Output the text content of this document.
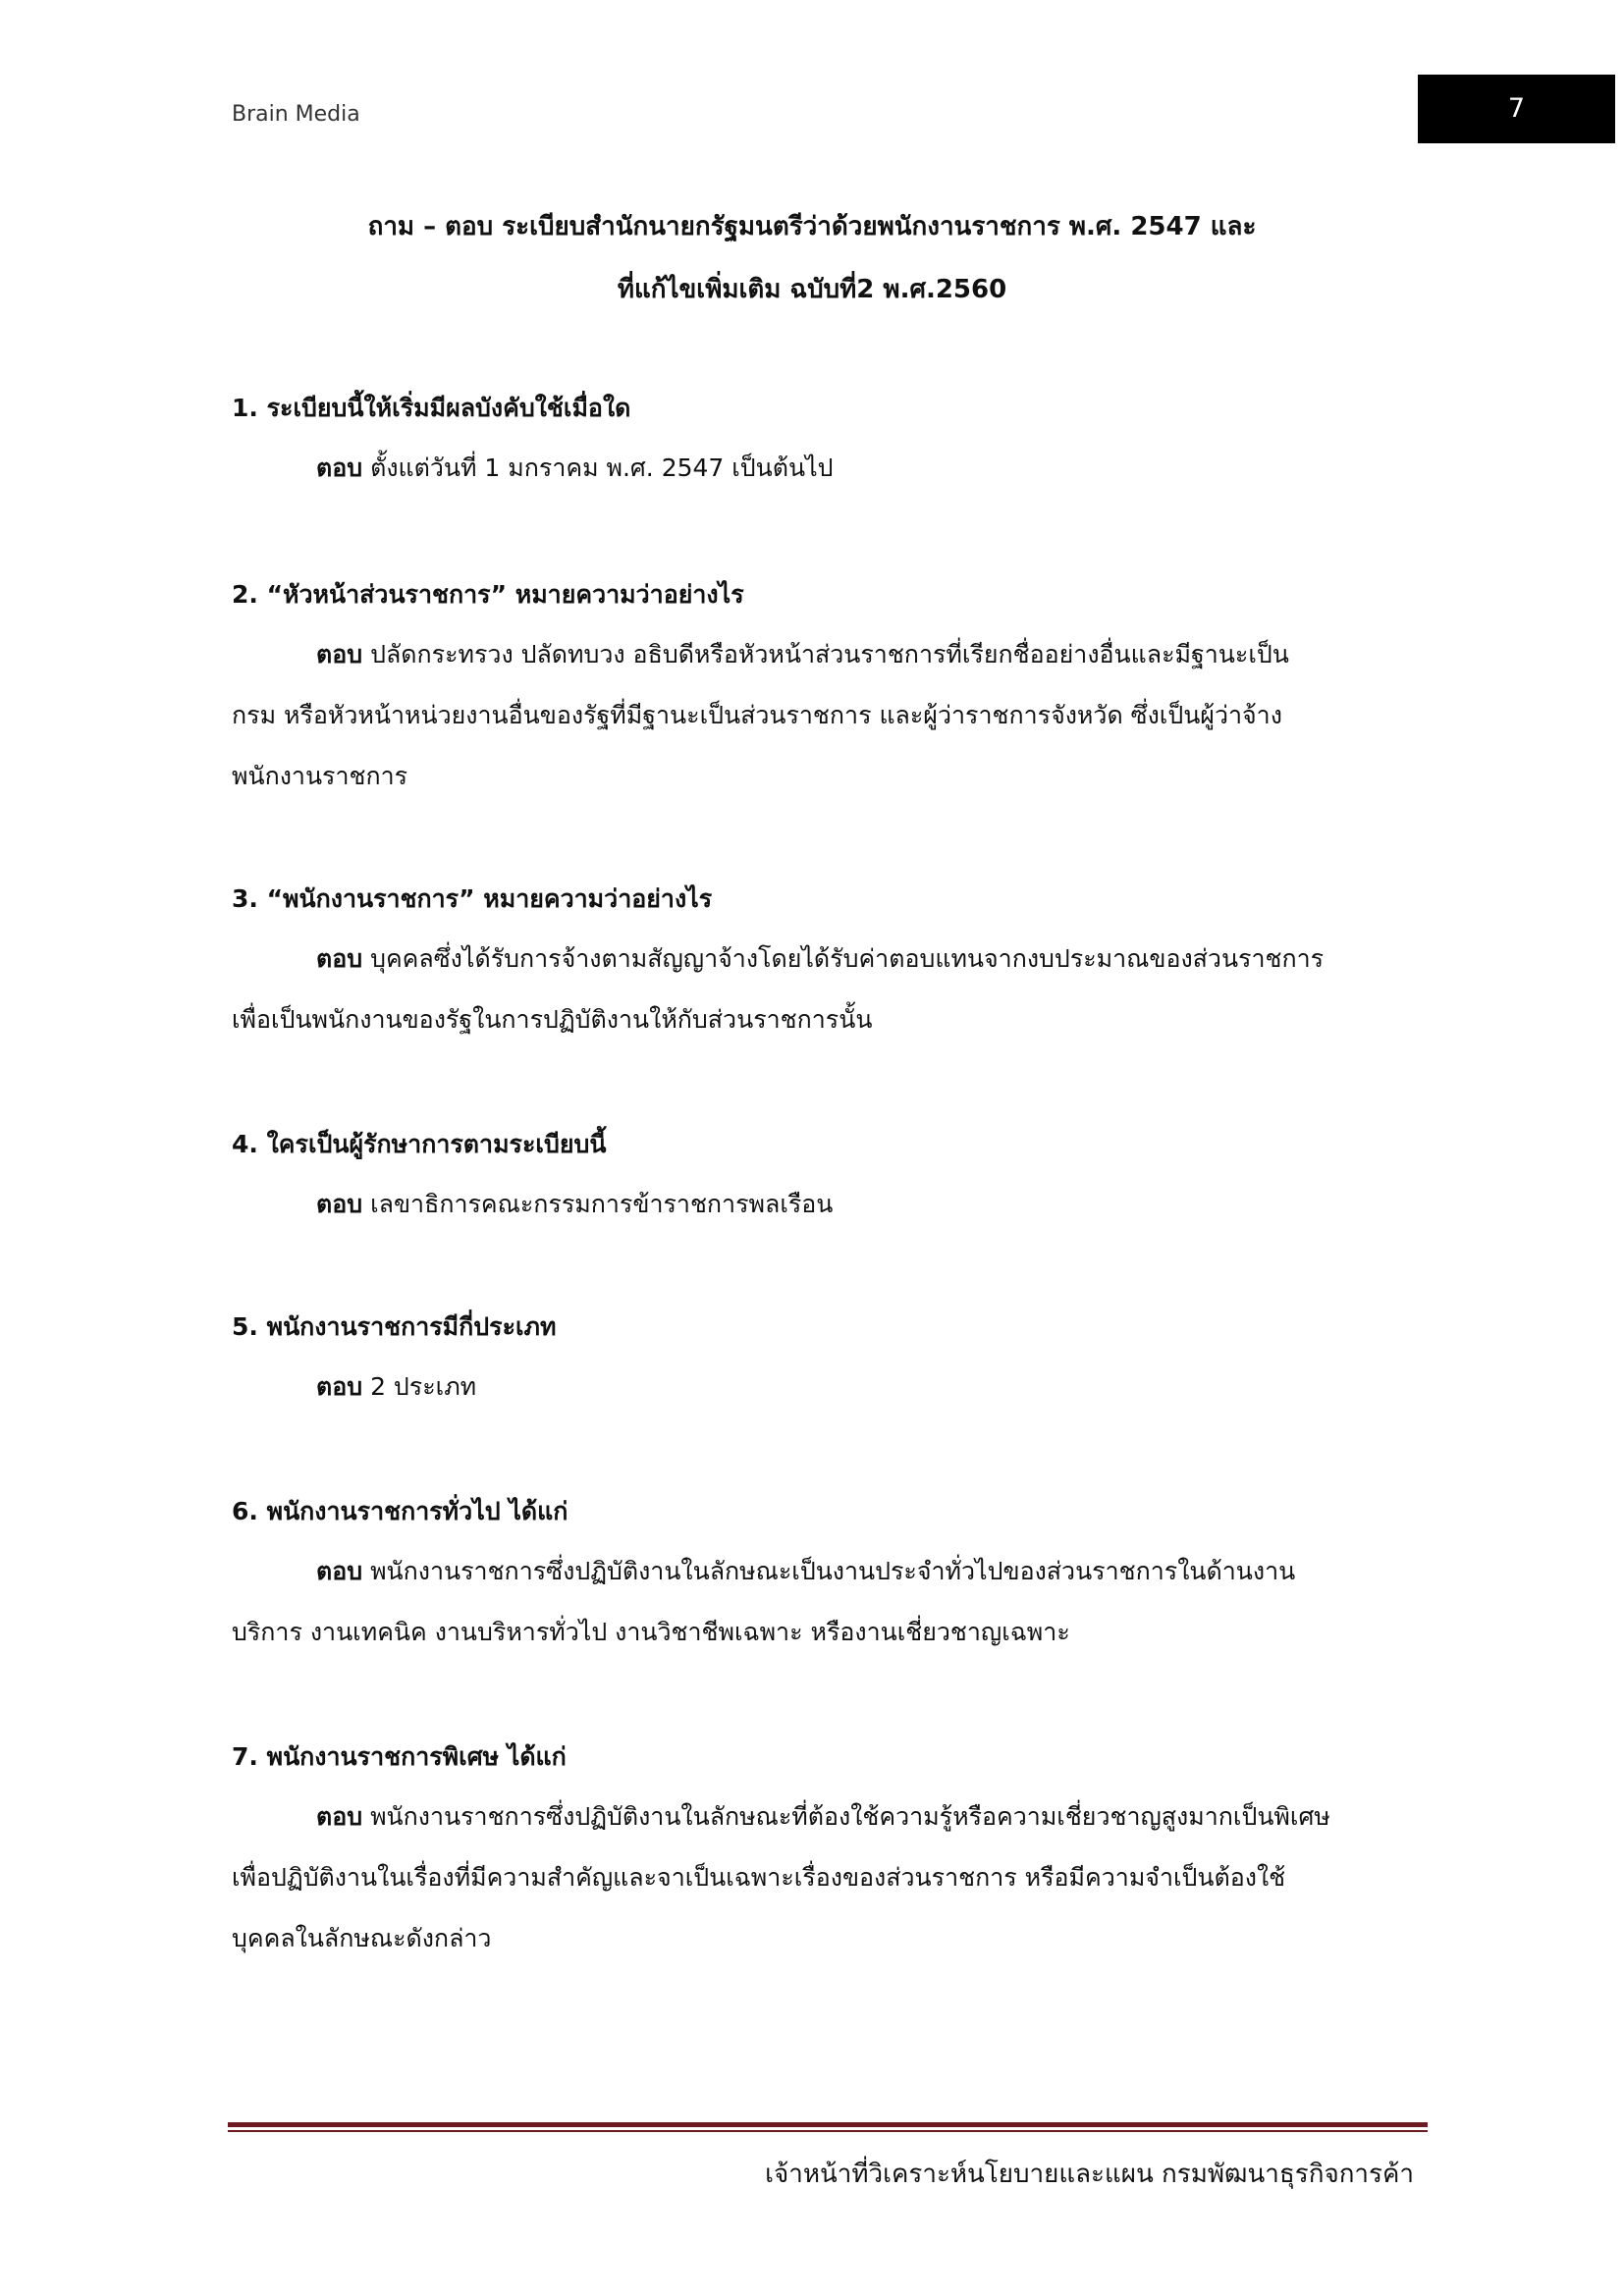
Brain Media	7
ถาม – ตอบ ระเบียบสำนักนายกรัฐมนตรีว่าด้วยพนักงานราชการ พ.ศ. 2547 และ
ที่แก้ไขเพิ่มเติม ฉบับที่2 พ.ศ.2560
1. ระเบียบนี้ให้เริ่มมีผลบังคับใช้เมื่อใด
ตอบ ตั้งแต่วันที่ 1 มกราคม พ.ศ. 2547 เป็นต้นไป
2. “หัวหน้าส่วนราชการ” หมายความว่าอย่างไร
ตอบ ปลัดกระทรวง ปลัดทบวง อธิบดีหรือหัวหน้าส่วนราชการที่เรียกชื่ออย่างอื่นและมีฐานะเป็น
กรม หรือหัวหน้าหน่วยงานอื่นของรัฐที่มีฐานะเป็นส่วนราชการ และผู้ว่าราชการจังหวัด ซึ่งเป็นผู้ว่าจ้าง
พนักงานราชการ
3. “พนักงานราชการ” หมายความว่าอย่างไร
ตอบ บุคคลซึ่งได้รับการจ้างตามสัญญาจ้างโดยได้รับค่าตอบแทนจากงบประมาณของส่วนราชการ
เพื่อเป็นพนักงานของรัฐในการปฏิบัติงานให้กับส่วนราชการนั้น
4. ใครเป็นผู้รักษาการตามระเบียบนี้
ตอบ เลขาธิการคณะกรรมการข้าราชการพลเรือน
5. พนักงานราชการมีกี่ประเภท
ตอบ 2 ประเภท
6. พนักงานราชการทั่วไป ได้แก่
ตอบ พนักงานราชการซึ่งปฏิบัติงานในลักษณะเป็นงานประจำทั่วไปของส่วนราชการในด้านงาน
บริการ งานเทคนิค งานบริหารทั่วไป งานวิชาชีพเฉพาะ หรืองานเชี่ยวชาญเฉพาะ
7. พนักงานราชการพิเศษ ได้แก่
ตอบ พนักงานราชการซึ่งปฏิบัติงานในลักษณะที่ต้องใช้ความรู้หรือความเชี่ยวชาญสูงมากเป็นพิเศษ
เพื่อปฏิบัติงานในเรื่องที่มีความสำคัญและจาเป็นเฉพาะเรื่องของส่วนราชการ หรือมีความจำเป็นต้องใช้
บุคคลในลักษณะดังกล่าว
เจ้าหน้าที่วิเคราะห์นโยบายและแผน กรมพัฒนาธุรกิจการค้า
